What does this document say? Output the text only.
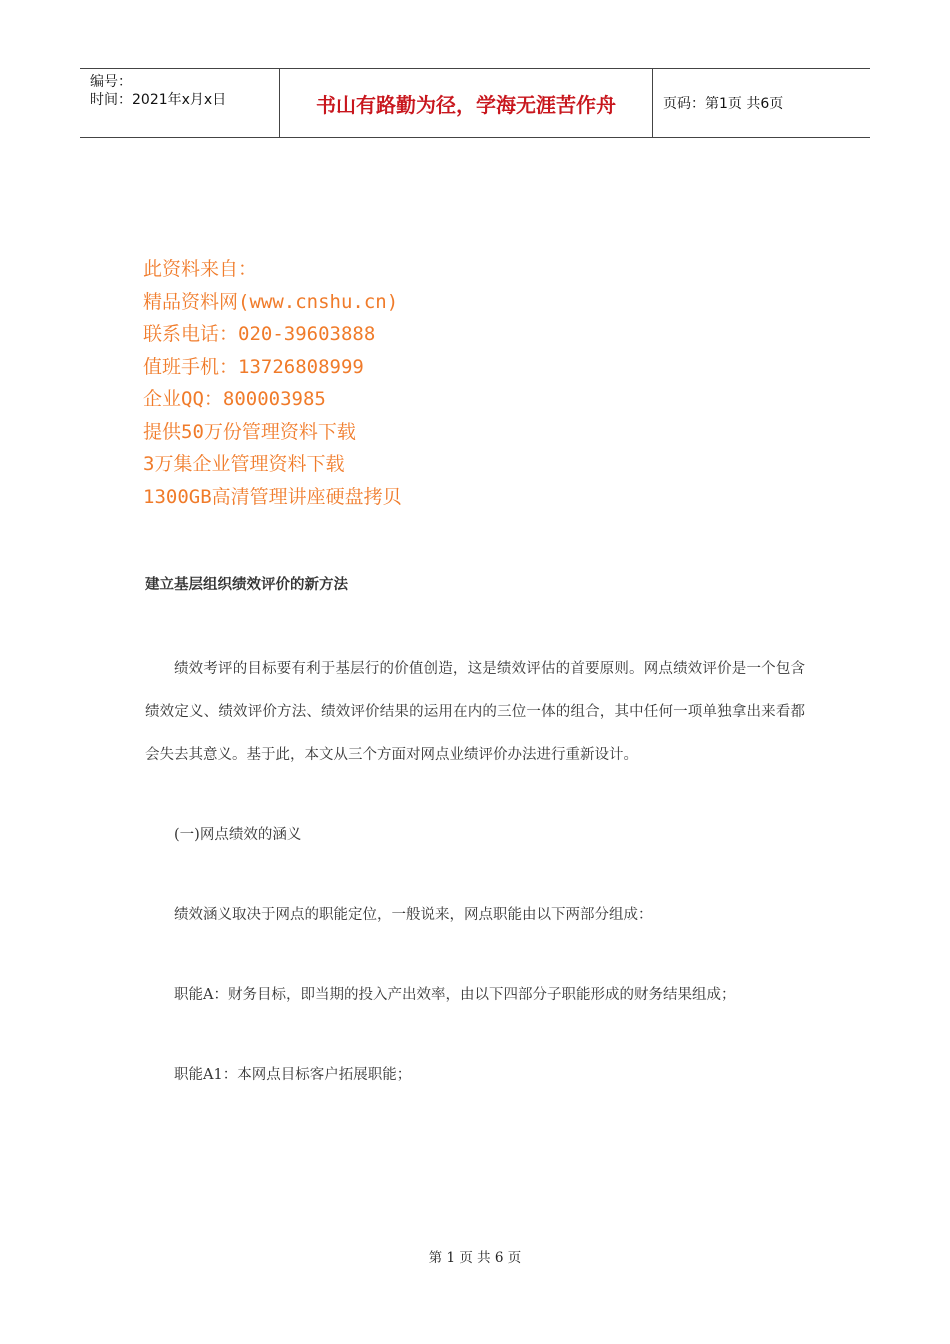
编号：
时间：2021年x月x日	书山有路勤为径，学海无涯苦作舟	页码：第1页 共6页
此资料来自：
精品资料网(www.cnshu.cn)
联系电话：020-39603888
值班手机：13726808999
企业QQ：800003985
提供50万份管理资料下载
3万集企业管理资料下载
1300GB高清管理讲座硬盘拷贝
建立基层组织绩效评价的新方法

绩效考评的目标要有利于基层行的价值创造，这是绩效评估的首要原则。网点绩效评价是一个包含绩效定义、绩效评价方法、绩效评价结果的运用在内的三位一体的组合，其中任何一项单独拿出来看都会失去其意义。基于此，本文从三个方面对网点业绩评价办法进行重新设计。

(一)网点绩效的涵义

绩效涵义取决于网点的职能定位，一般说来，网点职能由以下两部分组成：

职能A：财务目标，即当期的投入产出效率，由以下四部分子职能形成的财务结果组成；

职能A1：本网点目标客户拓展职能；

第 1 页 共 6 页
